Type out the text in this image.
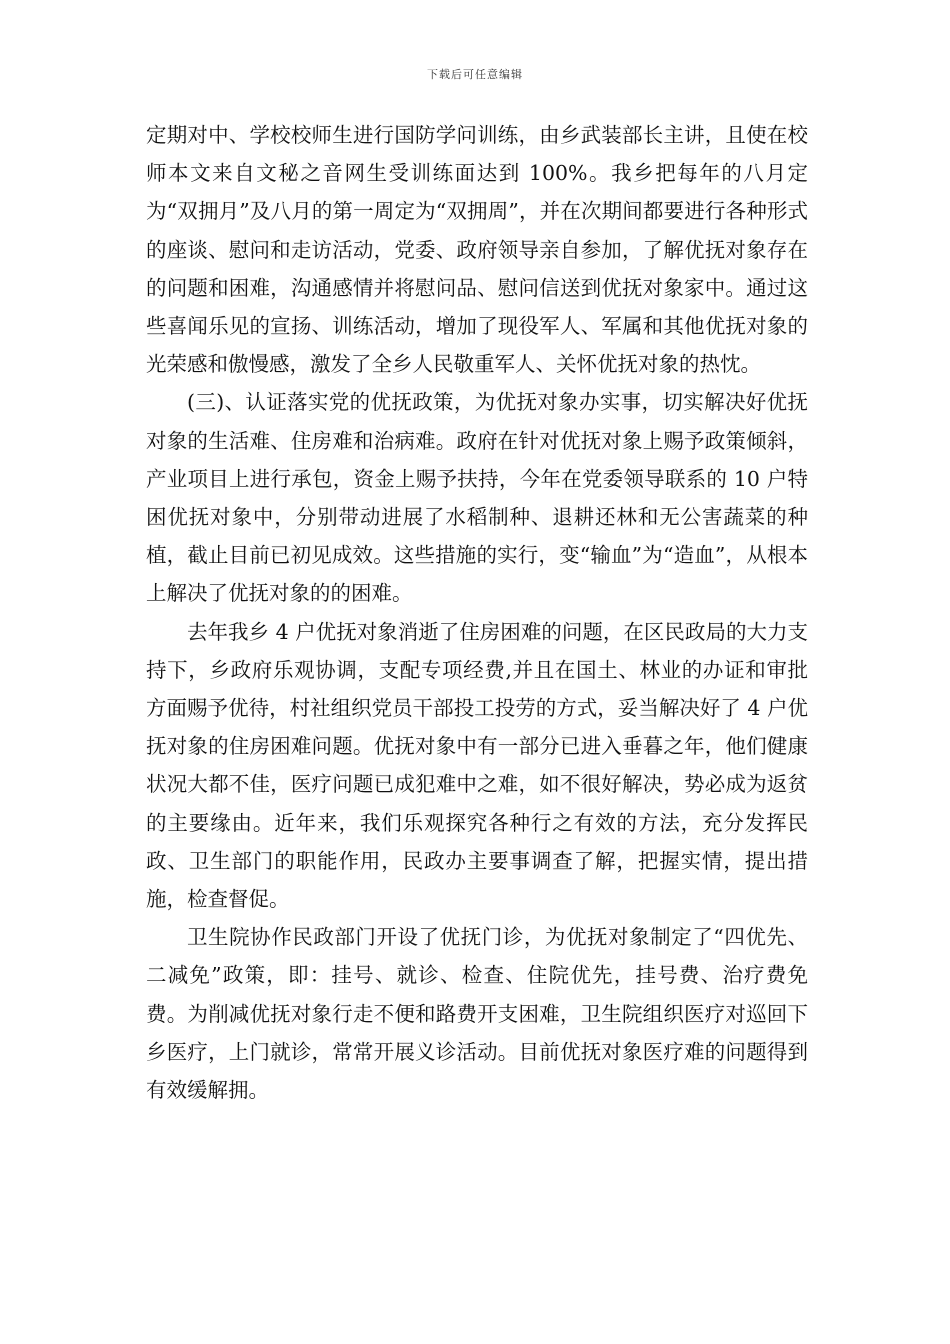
下载后可任意编辑

定期对中、学校校师生进行国防学问训练，由乡武装部长主讲，且使在校师本文来自文秘之音网生受训练面达到 100%。我乡把每年的八月定为“双拥月”及八月的第一周定为“双拥周”，并在次期间都要进行各种形式的座谈、慰问和走访活动，党委、政府领导亲自参加，了解优抚对象存在的问题和困难，沟通感情并将慰问品、慰问信送到优抚对象家中。通过这些喜闻乐见的宣扬、训练活动，增加了现役军人、军属和其他优抚对象的光荣感和傲慢感，激发了全乡人民敬重军人、关怀优抚对象的热忱。

(三)、认证落实党的优抚政策，为优抚对象办实事，切实解决好优抚对象的生活难、住房难和治病难。政府在针对优抚对象上赐予政策倾斜，产业项目上进行承包，资金上赐予扶持，今年在党委领导联系的 10 户特困优抚对象中，分别带动进展了水稻制种、退耕还林和无公害蔬菜的种植，截止目前已初见成效。这些措施的实行，变“输血”为“造血”，从根本上解决了优抚对象的的困难。

去年我乡 4 户优抚对象消逝了住房困难的问题，在区民政局的大力支持下，乡政府乐观协调，支配专项经费,并且在国土、林业的办证和审批方面赐予优待，村社组织党员干部投工投劳的方式，妥当解决好了 4 户优抚对象的住房困难问题。优抚对象中有一部分已进入垂暮之年，他们健康状况大都不佳，医疗问题已成犯难中之难，如不很好解决，势必成为返贫的主要缘由。近年来，我们乐观探究各种行之有效的方法，充分发挥民政、卫生部门的职能作用，民政办主要事调查了解，把握实情，提出措施，检查督促。

卫生院协作民政部门开设了优抚门诊，为优抚对象制定了“四优先、二减免”政策，即：挂号、就诊、检查、住院优先，挂号费、治疗费免费。为削减优抚对象行走不便和路费开支困难，卫生院组织医疗对巡回下乡医疗，上门就诊，常常开展义诊活动。目前优抚对象医疗难的问题得到有效缓解拥。
